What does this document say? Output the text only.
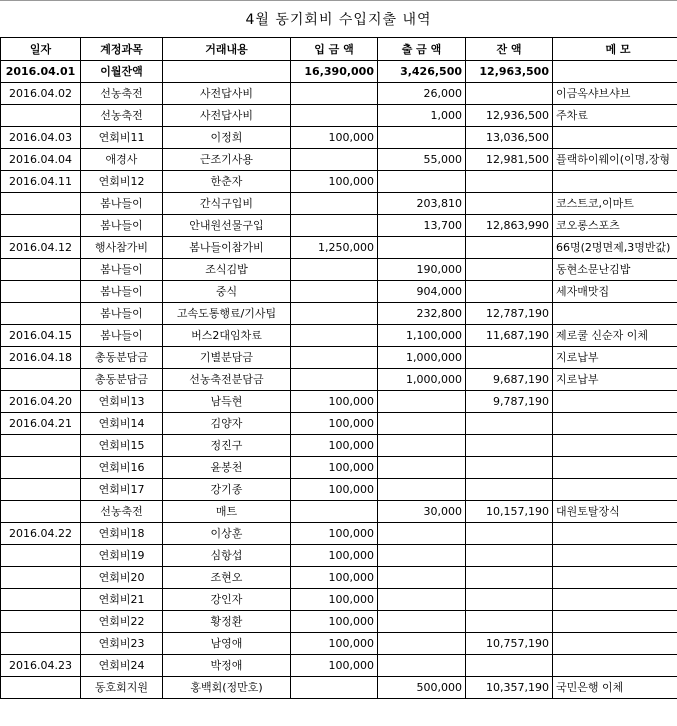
4월 동기회비 수입지출 내역
일자	계정과목	거래내용	입 금 액	출 금 액	잔 액	메 모
2016.04.01	이월잔액		16,390,000	3,426,500	12,963,500	
2016.04.02	선농축전	사전답사비		26,000		이금옥샤브샤브
	선농축전	사전답사비		1,000	12,936,500	주차료
2016.04.03	연회비11	이정희	100,000		13,036,500	
2016.04.04	애경사	근조기사용		55,000	12,981,500	플랙하이웨이(이명,장형
2016.04.11	연회비12	한춘자	100,000			
	봄나들이	간식구입비		203,810		코스트코,이마트
	봄나들이	안내원선물구입		13,700	12,863,990	코오롱스포츠
2016.04.12	행사참가비	봄나들이참가비	1,250,000			66명(2명면제,3명반값)
	봄나들이	조식김밥		190,000		동현소문난김밥
	봄나들이	중식		904,000		세자매맛집
	봄나들이	고속도통행료/기사팁		232,800	12,787,190	
2016.04.15	봄나들이	버스2대임차료		1,100,000	11,687,190	제로쿨 신순자 이체
2016.04.18	총동분담금	기별분담금		1,000,000		지로납부
	총동분담금	선농축전분담금		1,000,000	9,687,190	지로납부
2016.04.20	연회비13	남득현	100,000		9,787,190	
2016.04.21	연회비14	김양자	100,000			
	연회비15	정진구	100,000			
	연회비16	윤봉천	100,000			
	연회비17	강기종	100,000			
	선농축전	매트		30,000	10,157,190	대원토탈장식
2016.04.22	연회비18	이상훈	100,000			
	연회비19	심항섭	100,000			
	연회비20	조현오	100,000			
	연회비21	강인자	100,000			
	연회비22	황정환	100,000			
	연회비23	남영애	100,000		10,757,190	
2016.04.23	연회비24	박정애	100,000			
	동호회지원	홍백회(정만호)		500,000	10,357,190	국민은행 이체
